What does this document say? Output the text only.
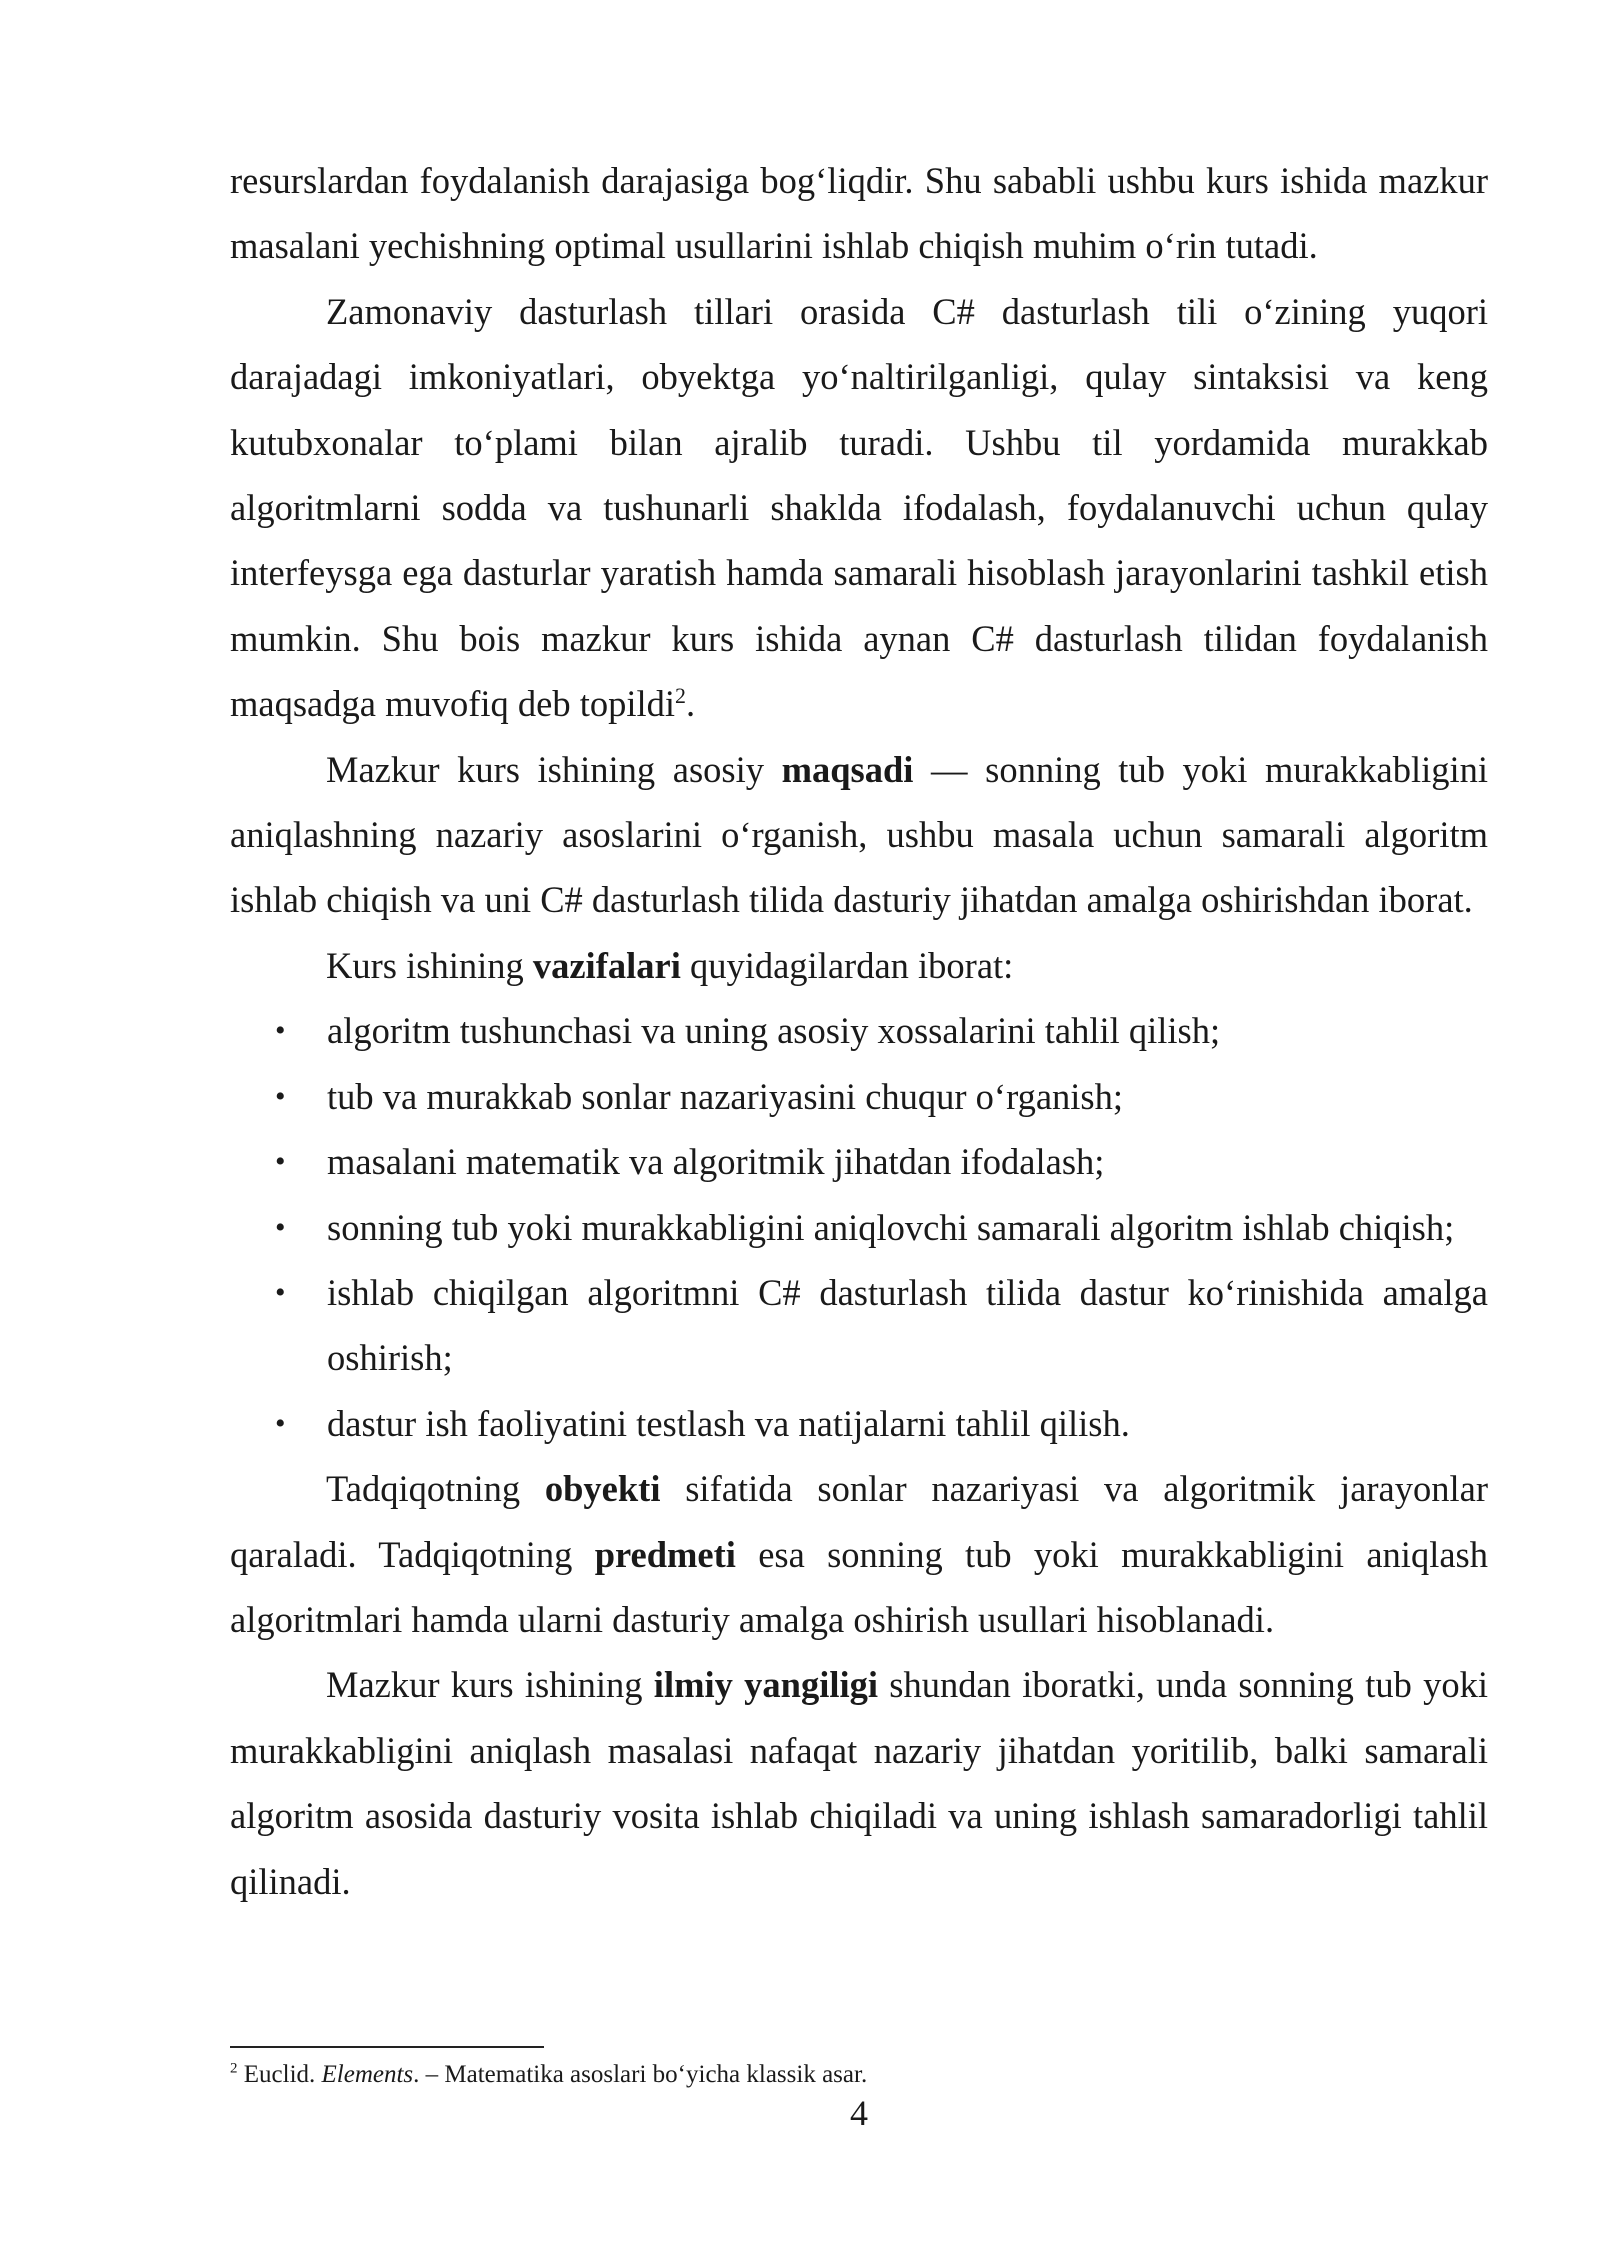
resurslardan foydalanish darajasiga bog‘liqdir. Shu sababli ushbu kurs ishida mazkur masalani yechishning optimal usullarini ishlab chiqish muhim o‘rin tutadi.

Zamonaviy dasturlash tillari orasida C# dasturlash tili o‘zining yuqori darajadagi imkoniyatlari, obyektga yo‘naltirilganligi, qulay sintaksisi va keng kutubxonalar to‘plami bilan ajralib turadi. Ushbu til yordamida murakkab algoritmlarni sodda va tushunarli shaklda ifodalash, foydalanuvchi uchun qulay interfeysga ega dasturlar yaratish hamda samarali hisoblash jarayonlarini tashkil etish mumkin. Shu bois mazkur kurs ishida aynan C# dasturlash tilidan foydalanish maqsadga muvofiq deb topildi$^2$.

Mazkur kurs ishining asosiy maqsadi — sonning tub yoki murakkabligini aniqlashning nazariy asoslarini o‘rganish, ushbu masala uchun samarali algoritm ishlab chiqish va uni C# dasturlash tilida dasturiy jihatdan amalga oshirishdan iborat.

Kurs ishining vazifalari quyidagilardan iborat:

• algoritm tushunchasi va uning asosiy xossalarini tahlil qilish;
• tub va murakkab sonlar nazariyasini chuqur o‘rganish;
• masalani matematik va algoritmik jihatdan ifodalash;
• sonning tub yoki murakkabligini aniqlovchi samarali algoritm ishlab chiqish;
• ishlab chiqilgan algoritmni C# dasturlash tilida dastur ko‘rinishida amalga oshirish;
• dastur ish faoliyatini testlash va natijalarni tahlil qilish.

Tadqiqotning obyekti sifatida sonlar nazariyasi va algoritmik jarayonlar qaraladi. Tadqiqotning predmeti esa sonning tub yoki murakkabligini aniqlash algoritmlari hamda ularni dasturiy amalga oshirish usullari hisoblanadi.

Mazkur kurs ishining ilmiy yangiligi shundan iboratki, unda sonning tub yoki murakkabligini aniqlash masalasi nafaqat nazariy jihatdan yoritilib, balki samarali algoritm asosida dasturiy vosita ishlab chiqiladi va uning ishlash samaradorligi tahlil qilinadi.

$^2$ Euclid. Elements. – Matematika asoslari bo‘yicha klassik asar.
4
